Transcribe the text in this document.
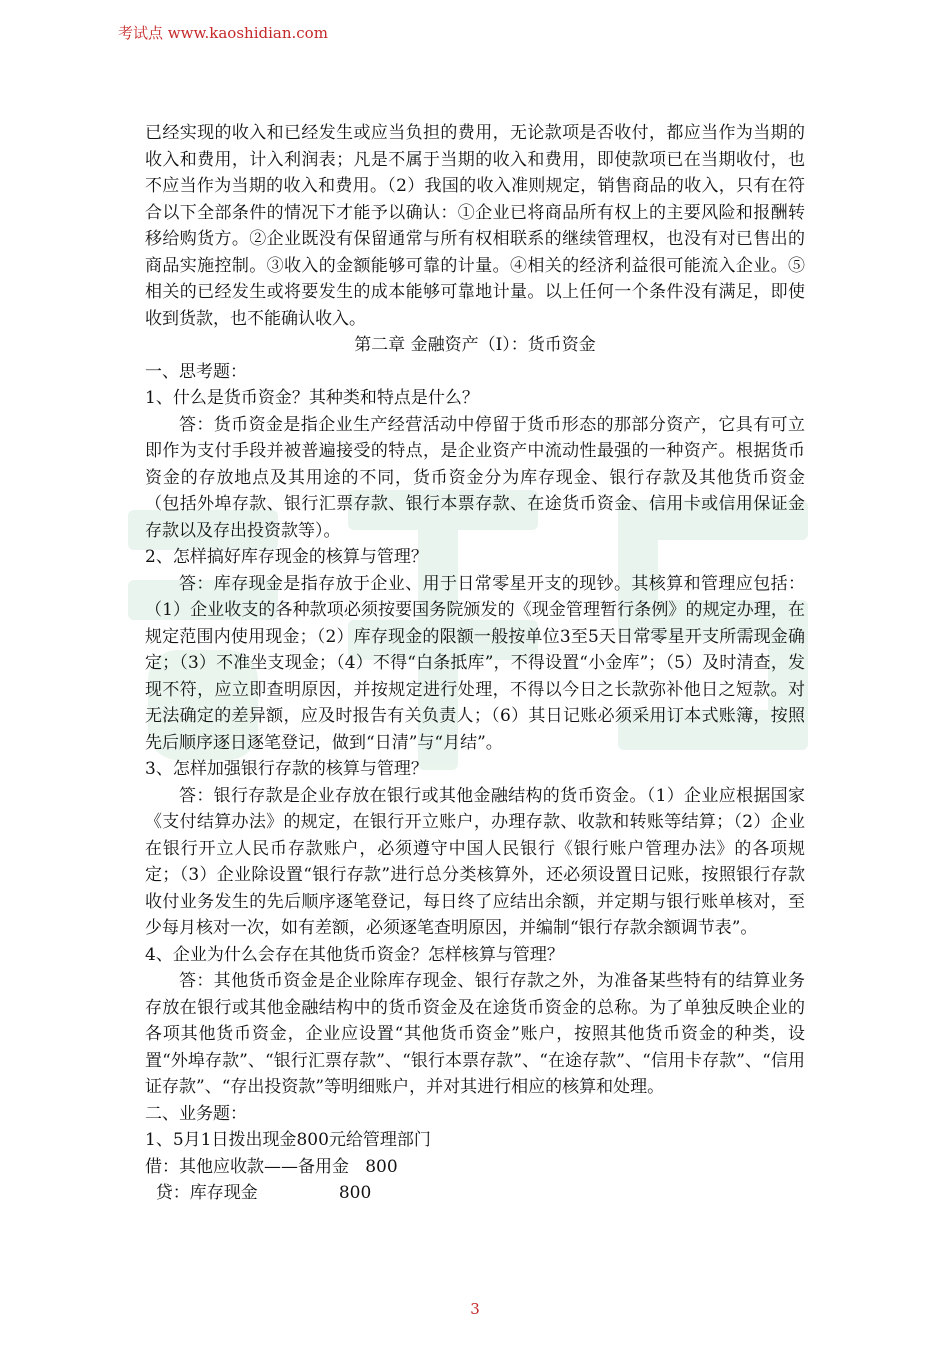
考试点 www.kaoshidian.com

已经实现的收入和已经发生或应当负担的费用，无论款项是否收付，都应当作为当期的收入和费用，计入利润表；凡是不属于当期的收入和费用，即使款项已在当期收付，也不应当作为当期的收入和费用。（2）我国的收入准则规定，销售商品的收入，只有在符合以下全部条件的情况下才能予以确认：①企业已将商品所有权上的主要风险和报酬转移给购货方。②企业既没有保留通常与所有权相联系的继续管理权，也没有对已售出的商品实施控制。③收入的金额能够可靠的计量。④相关的经济利益很可能流入企业。⑤相关的已经发生或将要发生的成本能够可靠地计量。以上任何一个条件没有满足，即使收到货款，也不能确认收入。

第二章 金融资产（I）：货币资金

一、思考题：

1、什么是货币资金？其种类和特点是什么？

答：货币资金是指企业生产经营活动中停留于货币形态的那部分资产，它具有可立即作为支付手段并被普遍接受的特点，是企业资产中流动性最强的一种资产。根据货币资金的存放地点及其用途的不同，货币资金分为库存现金、银行存款及其他货币资金（包括外埠存款、银行汇票存款、银行本票存款、在途货币资金、信用卡或信用保证金存款以及存出投资款等）。

2、怎样搞好库存现金的核算与管理？

答：库存现金是指存放于企业、用于日常零星开支的现钞。其核算和管理应包括：（1）企业收支的各种款项必须按要国务院颁发的《现金管理暂行条例》的规定办理，在规定范围内使用现金；（2）库存现金的限额一般按单位3至5天日常零星开支所需现金确定；（3）不准坐支现金；（4）不得“白条抵库”，不得设置“小金库”；（5）及时清查，发现不符，应立即查明原因，并按规定进行处理，不得以今日之长款弥补他日之短款。对无法确定的差异额，应及时报告有关负责人；（6）其日记账必须采用订本式账簿，按照先后顺序逐日逐笔登记，做到“日清”与“月结”。

3、怎样加强银行存款的核算与管理？

答：银行存款是企业存放在银行或其他金融结构的货币资金。（1）企业应根据国家《支付结算办法》的规定，在银行开立账户，办理存款、收款和转账等结算；（2）企业在银行开立人民币存款账户，必须遵守中国人民银行《银行账户管理办法》的各项规定；（3）企业除设置“银行存款”进行总分类核算外，还必须设置日记账，按照银行存款收付业务发生的先后顺序逐笔登记，每日终了应结出余额，并定期与银行账单核对，至少每月核对一次，如有差额，必须逐笔查明原因，并编制“银行存款余额调节表”。

4、企业为什么会存在其他货币资金？怎样核算与管理？

答：其他货币资金是企业除库存现金、银行存款之外，为准备某些特有的结算业务存放在银行或其他金融结构中的货币资金及在途货币资金的总称。为了单独反映企业的各项其他货币资金，企业应设置“其他货币资金”账户，按照其他货币资金的种类，设置“外埠存款”、“银行汇票存款”、“银行本票存款”、“在途存款”、“信用卡存款”、“信用证存款”、“存出投资款”等明细账户，并对其进行相应的核算和处理。

二、业务题：

1、5月1日拨出现金800元给管理部门

借：其他应收款——备用金   800

贷：库存现金               800

3
